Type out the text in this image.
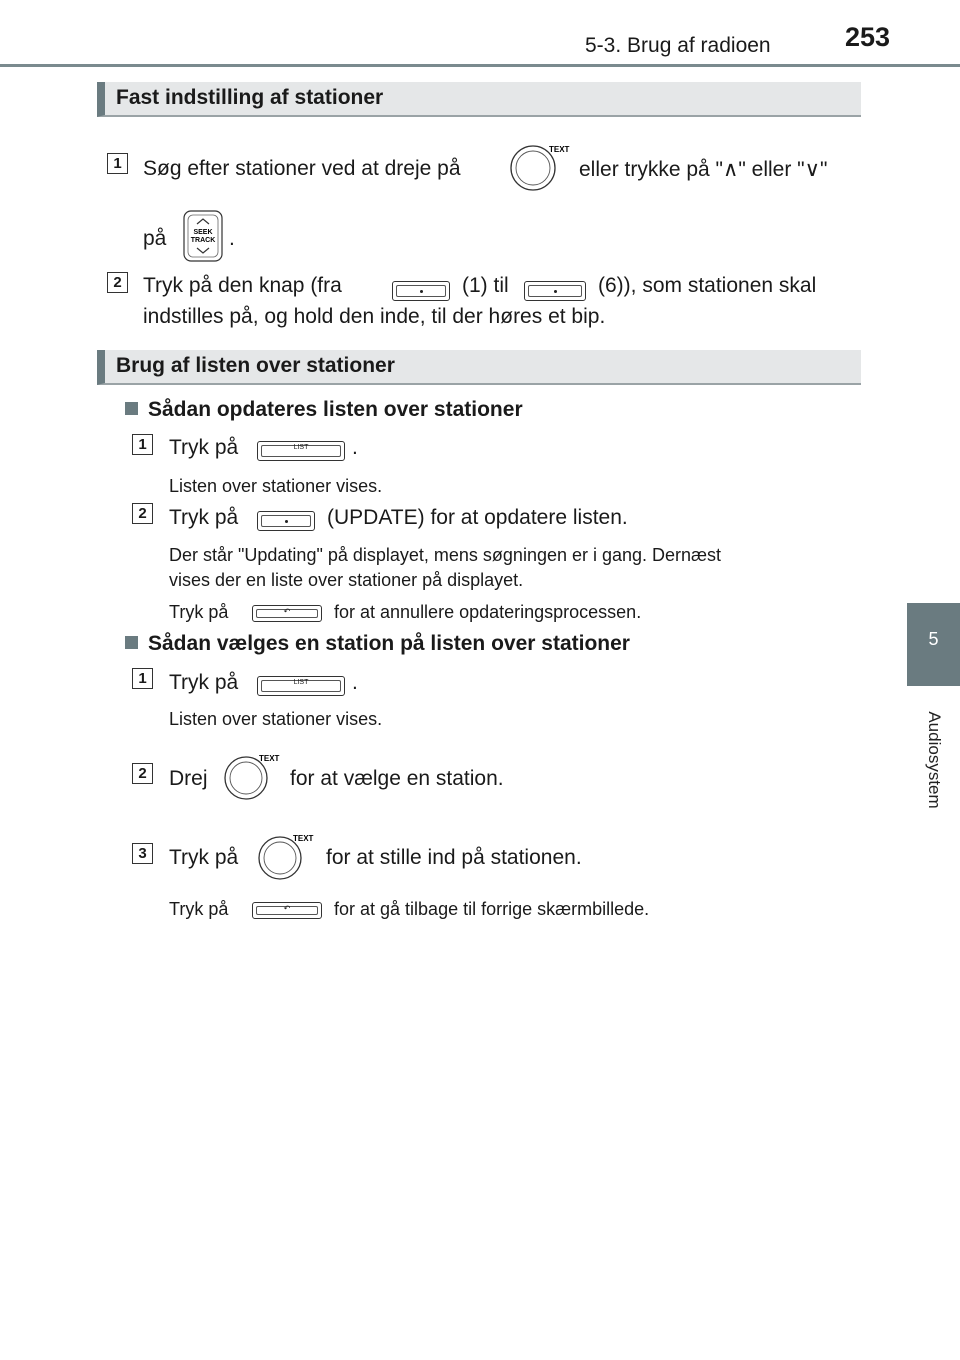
5-3. Brug af radioen	253
5
Audiosystem
Fast indstilling af stationer
1	Søg efter stationer ved at dreje på
TEXT
eller trykke på "∧" eller "∨"
på	SEEK
TRACK .
2	Tryk på den knap (fra	(1) til	(6)), som stationen skal
indstilles på, og hold den inde, til der høres et bip.
Brug af listen over stationer
Sådan opdateres listen over stationer
1	Tryk på	LIST	.
Listen over stationer vises.
2	Tryk på	(UPDATE) for at opdatere listen.
Der står "Updating" på displayet, mens søgningen er i gang. Dernæst
vises der en liste over stationer på displayet.
Tryk på	↶	for at annullere opdateringsprocessen.
Sådan vælges en station på listen over stationer
1	Tryk på	LIST	.
Listen over stationer vises.
2	Drej
TEXT
for at vælge en station.
3	Tryk på
TEXT
for at stille ind på stationen.
Tryk på	↶	for at gå tilbage til forrige skærmbillede.
